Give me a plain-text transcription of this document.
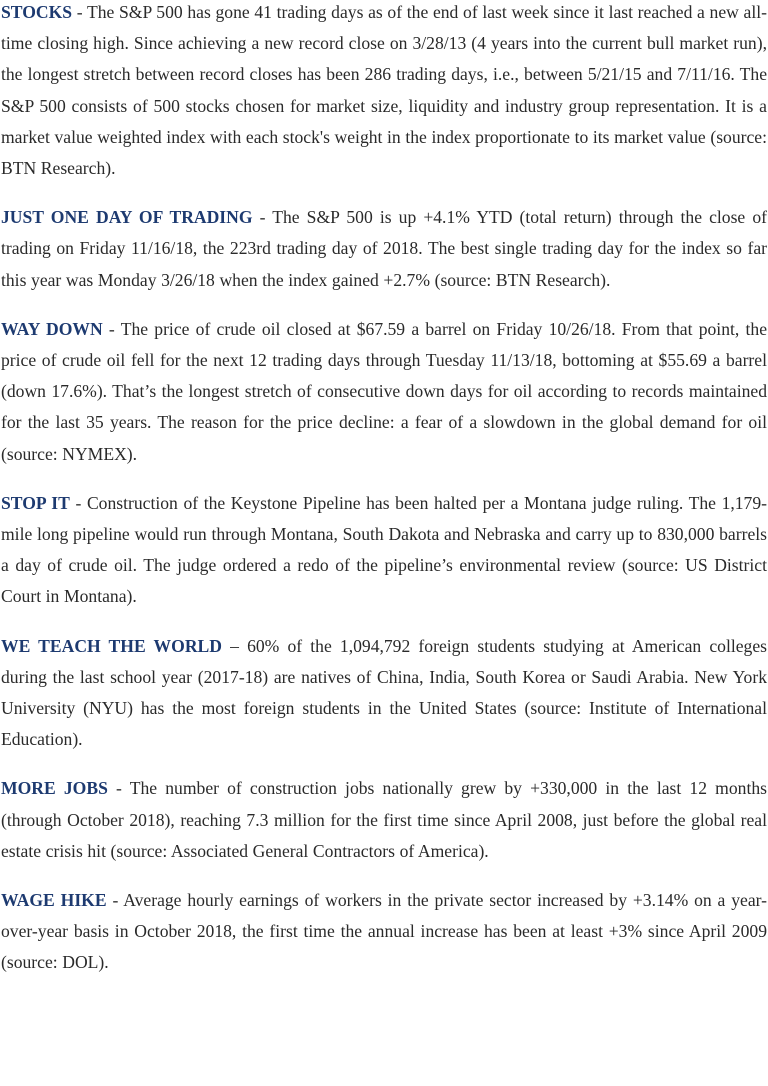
STOCKS - The S&P 500 has gone 41 trading days as of the end of last week since it last reached a new all-time closing high. Since achieving a new record close on 3/28/13 (4 years into the current bull market run), the longest stretch between record closes has been 286 trading days, i.e., between 5/21/15 and 7/11/16. The S&P 500 consists of 500 stocks chosen for market size, liquidity and industry group representation. It is a market value weighted index with each stock's weight in the index proportionate to its market value (source: BTN Research).

JUST ONE DAY OF TRADING - The S&P 500 is up +4.1% YTD (total return) through the close of trading on Friday 11/16/18, the 223rd trading day of 2018. The best single trading day for the index so far this year was Monday 3/26/18 when the index gained +2.7% (source: BTN Research).

WAY DOWN - The price of crude oil closed at $67.59 a barrel on Friday 10/26/18. From that point, the price of crude oil fell for the next 12 trading days through Tuesday 11/13/18, bottoming at $55.69 a barrel (down 17.6%). That’s the longest stretch of consecutive down days for oil according to records maintained for the last 35 years. The reason for the price decline: a fear of a slowdown in the global demand for oil (source: NYMEX).

STOP IT - Construction of the Keystone Pipeline has been halted per a Montana judge ruling. The 1,179-mile long pipeline would run through Montana, South Dakota and Nebraska and carry up to 830,000 barrels a day of crude oil. The judge ordered a redo of the pipeline’s environmental review (source: US District Court in Montana).

WE TEACH THE WORLD – 60% of the 1,094,792 foreign students studying at American colleges during the last school year (2017-18) are natives of China, India, South Korea or Saudi Arabia. New York University (NYU) has the most foreign students in the United States (source: Institute of International Education).

MORE JOBS - The number of construction jobs nationally grew by +330,000 in the last 12 months (through October 2018), reaching 7.3 million for the first time since April 2008, just before the global real estate crisis hit (source: Associated General Contractors of America).

WAGE HIKE - Average hourly earnings of workers in the private sector increased by +3.14% on a year-over-year basis in October 2018, the first time the annual increase has been at least +3% since April 2009 (source: DOL).
